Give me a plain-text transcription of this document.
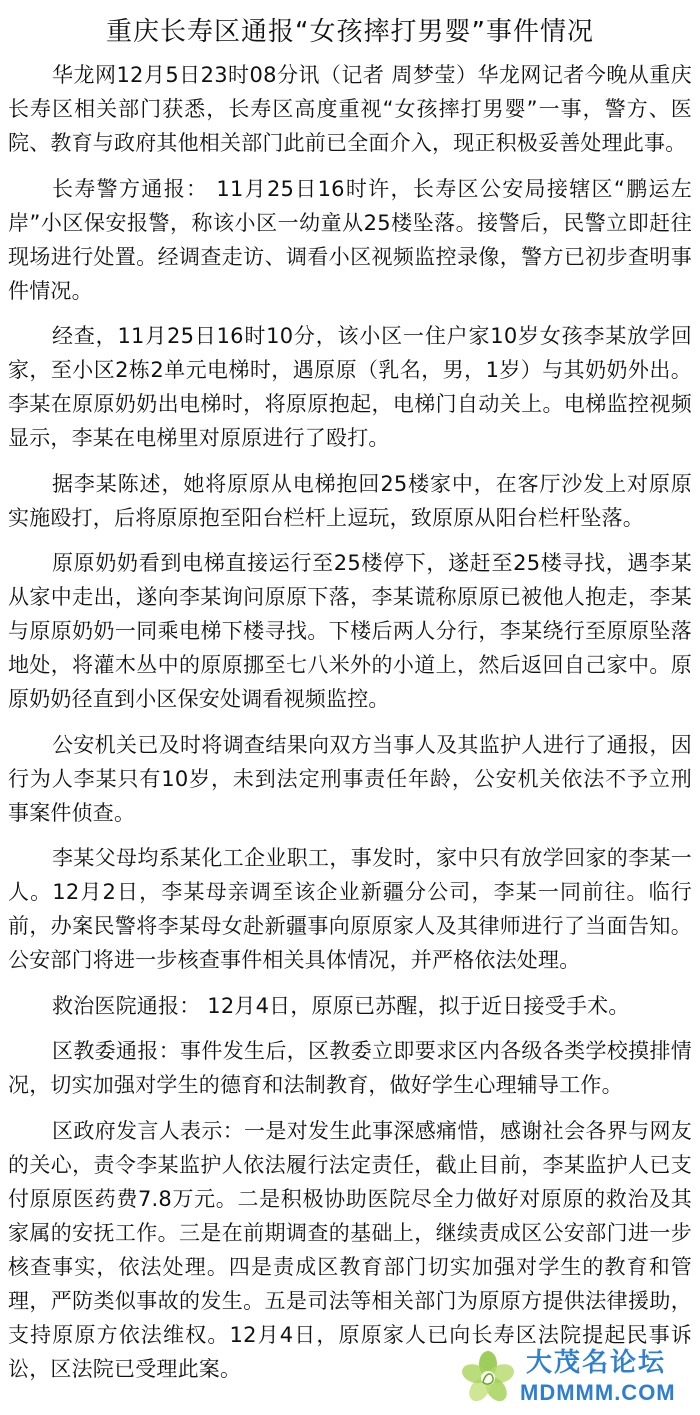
重庆长寿区通报“女孩摔打男婴”事件情况

华龙网12月5日23时08分讯（记者 周梦莹）华龙网记者今晚从重庆长寿区相关部门获悉，长寿区高度重视“女孩摔打男婴”一事，警方、医院、教育与政府其他相关部门此前已全面介入，现正积极妥善处理此事。

长寿警方通报： 11月25日16时许，长寿区公安局接辖区“鹏运左岸”小区保安报警，称该小区一幼童从25楼坠落。接警后，民警立即赶往现场进行处置。经调查走访、调看小区视频监控录像，警方已初步查明事件情况。

经查，11月25日16时10分，该小区一住户家10岁女孩李某放学回家，至小区2栋2单元电梯时，遇原原（乳名，男，1岁）与其奶奶外出。李某在原原奶奶出电梯时，将原原抱起，电梯门自动关上。电梯监控视频显示，李某在电梯里对原原进行了殴打。

据李某陈述，她将原原从电梯抱回25楼家中，在客厅沙发上对原原实施殴打，后将原原抱至阳台栏杆上逗玩，致原原从阳台栏杆坠落。

原原奶奶看到电梯直接运行至25楼停下，遂赶至25楼寻找，遇李某从家中走出，遂向李某询问原原下落，李某谎称原原已被他人抱走，李某与原原奶奶一同乘电梯下楼寻找。下楼后两人分行，李某绕行至原原坠落地处，将灌木丛中的原原挪至七八米外的小道上，然后返回自己家中。原原奶奶径直到小区保安处调看视频监控。

公安机关已及时将调查结果向双方当事人及其监护人进行了通报，因行为人李某只有10岁，未到法定刑事责任年龄，公安机关依法不予立刑事案件侦查。

李某父母均系某化工企业职工，事发时，家中只有放学回家的李某一人。12月2日，李某母亲调至该企业新疆分公司，李某一同前往。临行前，办案民警将李某母女赴新疆事向原原家人及其律师进行了当面告知。公安部门将进一步核查事件相关具体情况，并严格依法处理。

救治医院通报： 12月4日，原原已苏醒，拟于近日接受手术。

区教委通报：事件发生后，区教委立即要求区内各级各类学校摸排情况，切实加强对学生的德育和法制教育，做好学生心理辅导工作。

区政府发言人表示：一是对发生此事深感痛惜，感谢社会各界与网友的关心，责令李某监护人依法履行法定责任，截止目前，李某监护人已支付原原医药费7.8万元。二是积极协助医院尽全力做好对原原的救治及其家属的安抚工作。三是在前期调查的基础上，继续责成区公安部门进一步核查事实，依法处理。四是责成区教育部门切实加强对学生的教育和管理，严防类似事故的发生。五是司法等相关部门为原原方提供法律援助，支持原原方依法维权。12月4日，原原家人已向长寿区法院提起民事诉讼，区法院已受理此案。	大茂名论坛
MDMMM.COM
